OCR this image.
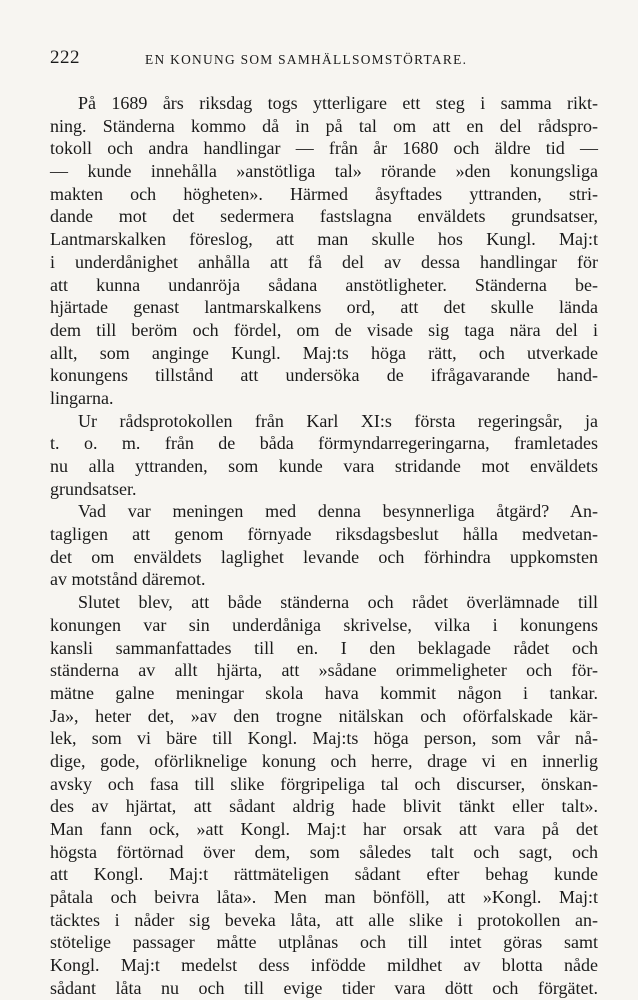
222	EN KONUNG SOM SAMHÄLLSOMSTÖRTARE.
På 1689 års riksdag togs ytterligare ett steg i samma rikt-
ning. Ständerna kommo då in på tal om att en del rådspro-
tokoll och andra handlingar — från år 1680 och äldre tid —
— kunde innehålla »anstötliga tal» rörande »den konungsliga
makten och högheten». Härmed åsyftades yttranden, stri-
dande mot det sedermera fastslagna enväldets grundsatser,
Lantmarskalken föreslog, att man skulle hos Kungl. Maj:t
i underdånighet anhålla att få del av dessa handlingar för
att kunna undanröja sådana anstötligheter. Ständerna be-
hjärtade genast lantmarskalkens ord, att det skulle lända
dem till beröm och fördel, om de visade sig taga nära del i
allt, som anginge Kungl. Maj:ts höga rätt, och utverkade
konungens tillstånd att undersöka de ifrågavarande hand-
lingarna.
Ur rådsprotokollen från Karl XI:s första regeringsår, ja
t. o. m. från de båda förmyndarregeringarna, framletades
nu alla yttranden, som kunde vara stridande mot enväldets
grundsatser.
Vad var meningen med denna besynnerliga åtgärd? An-
tagligen att genom förnyade riksdagsbeslut hålla medvetan-
det om enväldets laglighet levande och förhindra uppkomsten
av motstånd däremot.
Slutet blev, att både ständerna och rådet överlämnade till
konungen var sin underdåniga skrivelse, vilka i konungens
kansli sammanfattades till en. I den beklagade rådet och
ständerna av allt hjärta, att »sådane orimmeligheter och för-
mätne galne meningar skola hava kommit någon i tankar.
Ja», heter det, »av den trogne nitälskan och oförfalskade kär-
lek, som vi bäre till Kongl. Maj:ts höga person, som vår nå-
dige, gode, oförliknelige konung och herre, drage vi en innerlig
avsky och fasa till slike förgripeliga tal och discurser, önskan-
des av hjärtat, att sådant aldrig hade blivit tänkt eller talt».
Man fann ock, »att Kongl. Maj:t har orsak att vara på det
högsta förtörnad över dem, som således talt och sagt, och
att Kongl. Maj:t rättmäteligen sådant efter behag kunde
påtala och beivra låta». Men man bönföll, att »Kongl. Maj:t
täcktes i nåder sig beveka låta, att alle slike i protokollen an-
stötelige passager måtte utplånas och till intet göras samt
Kongl. Maj:t medelst dess infödde mildhet av blotta nåde
sådant låta nu och till evige tider vara dött och förgätet.
